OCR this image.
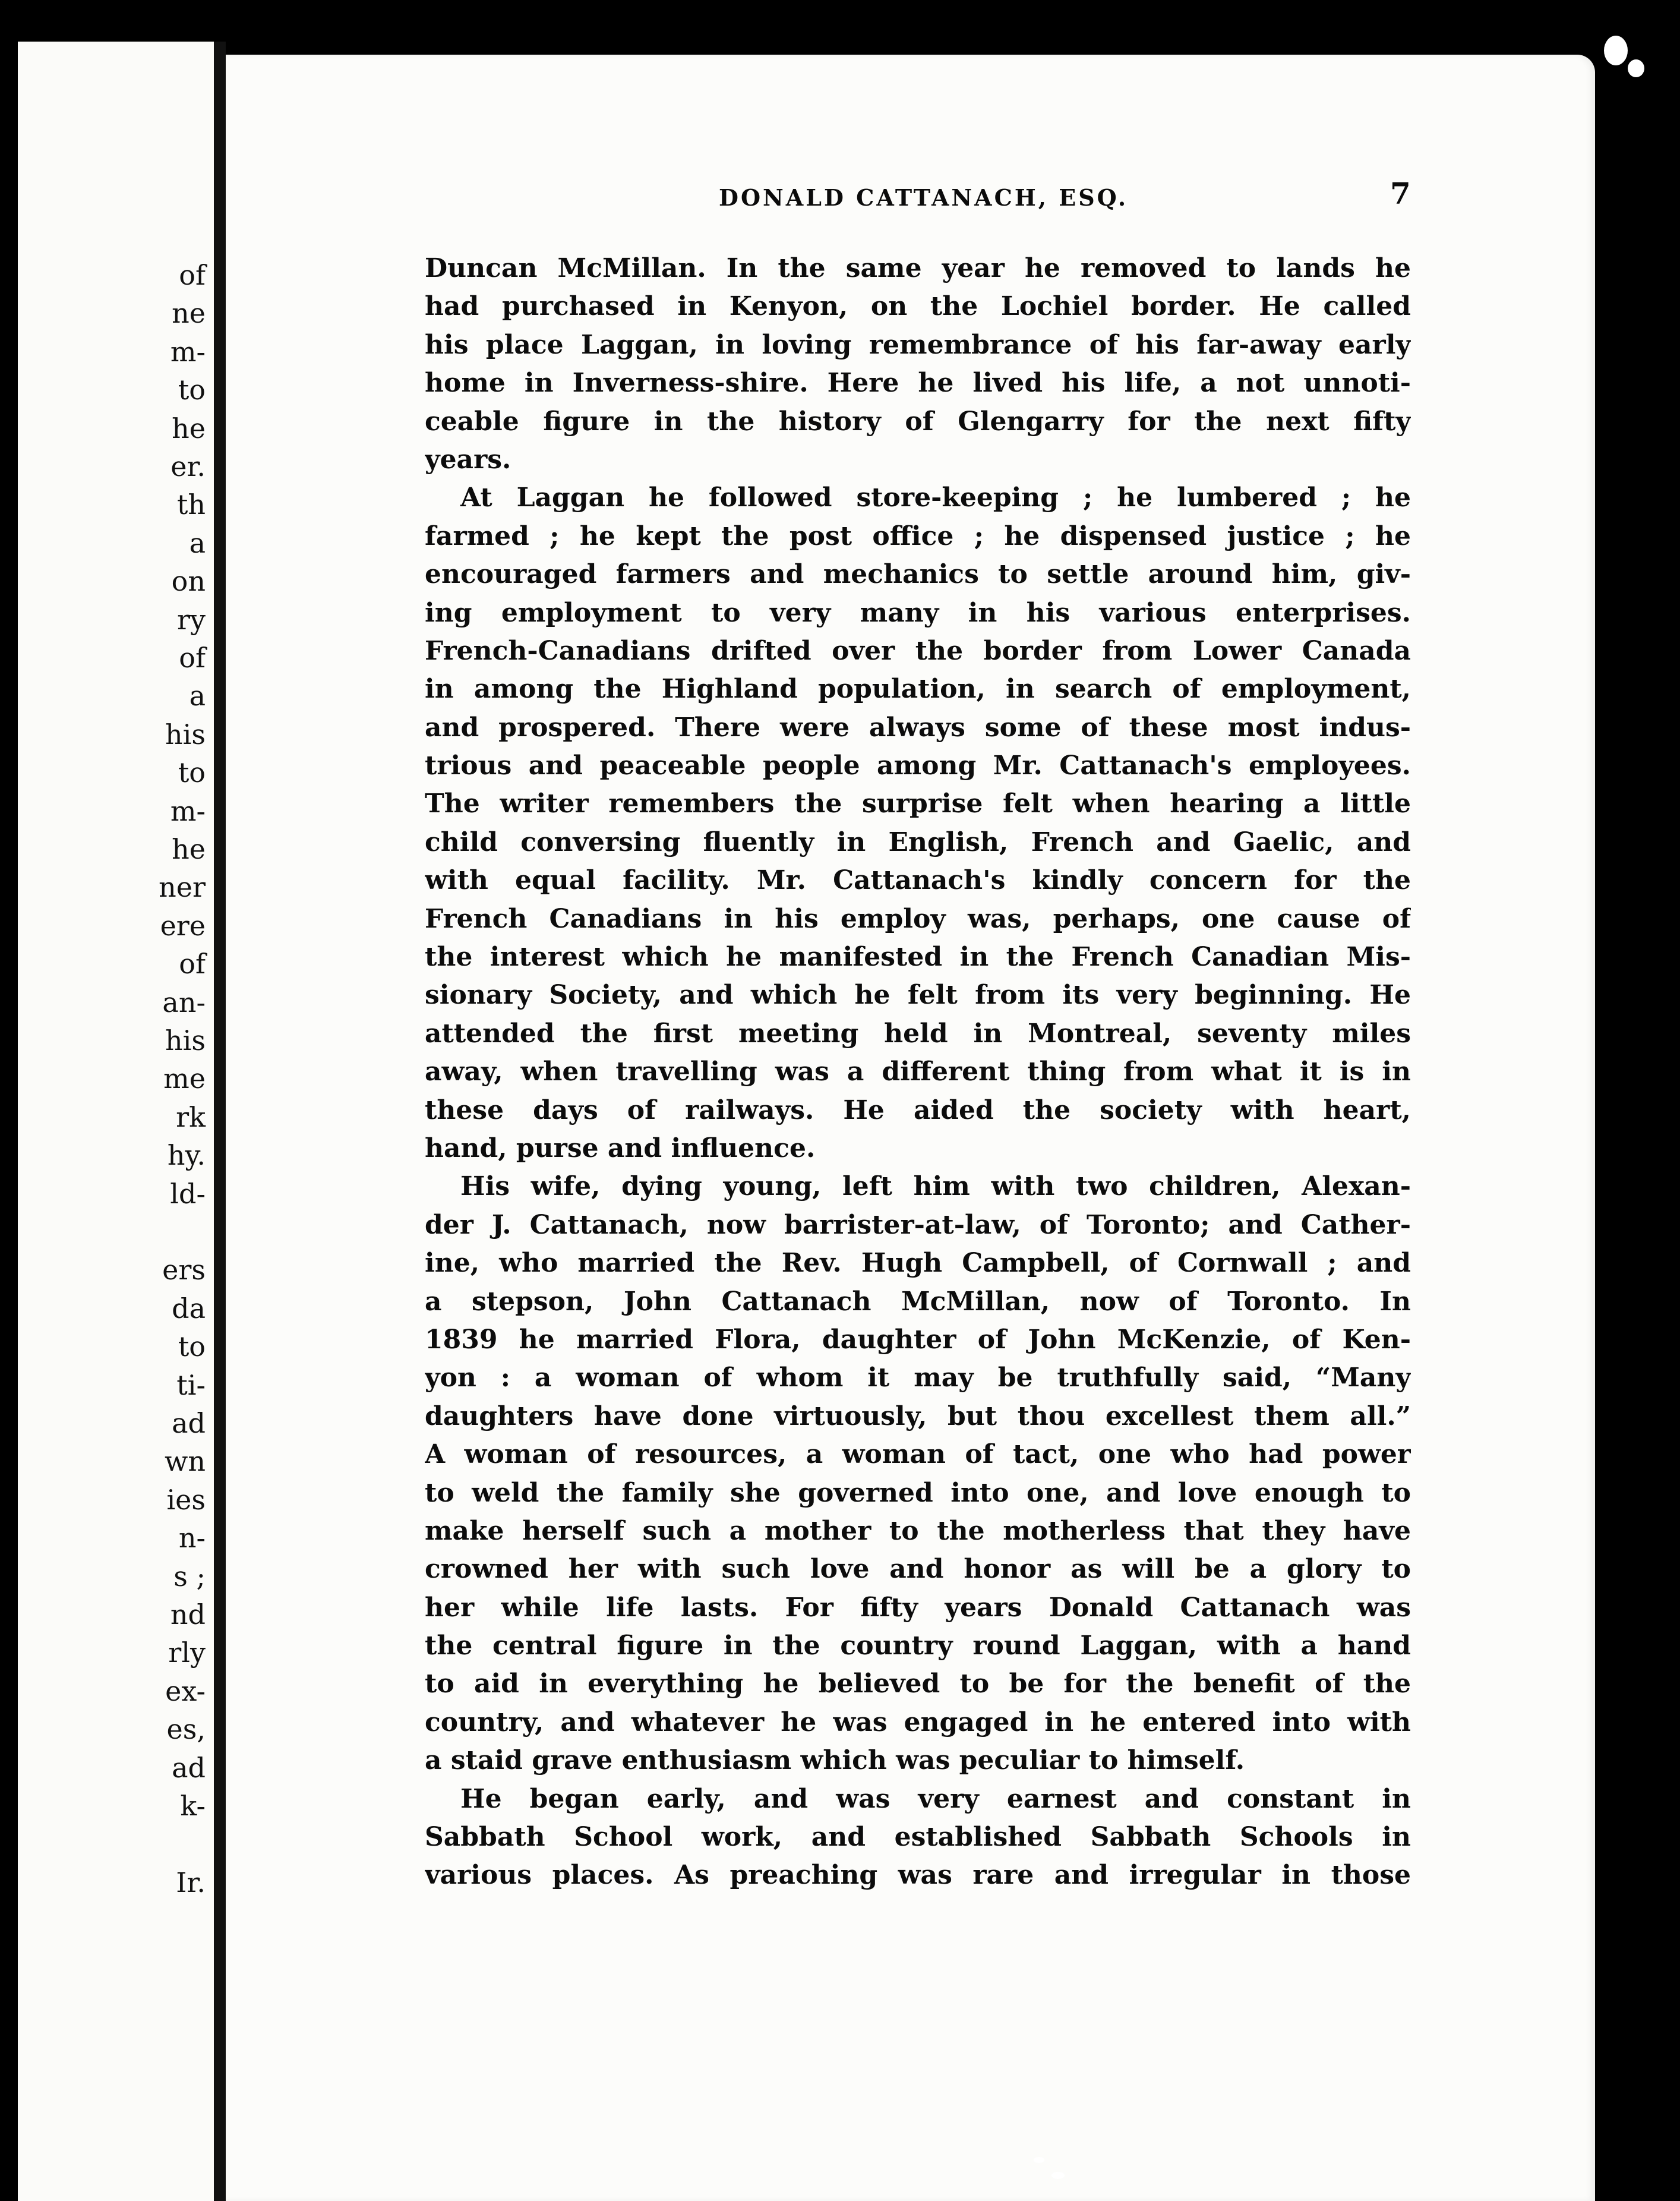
of
ne
m-
to
he
er.
th
a
on
ry
of
a
his
to
m-
he
ner
ere
of
an-
his
me
rk
hy.
ld-
ers
da
to
ti-
ad
wn
ies
n-
s ;
nd
rly
ex-
es,
ad
k-
Ir.
DONALD CATTANACH, ESQ.	7
Duncan McMillan. In the same year he removed to lands he
had purchased in Kenyon, on the Lochiel border. He called
his place Laggan, in loving remembrance of his far-away early
home in Inverness-shire. Here he lived his life, a not unnoti-
ceable figure in the history of Glengarry for the next fifty
years.
At Laggan he followed store-keeping ; he lumbered ; he
farmed ; he kept the post office ; he dispensed justice ; he
encouraged farmers and mechanics to settle around him, giv-
ing employment to very many in his various enterprises.
French-Canadians drifted over the border from Lower Canada
in among the Highland population, in search of employment,
and prospered. There were always some of these most indus-
trious and peaceable people among Mr. Cattanach's employees.
The writer remembers the surprise felt when hearing a little
child conversing fluently in English, French and Gaelic, and
with equal facility. Mr. Cattanach's kindly concern for the
French Canadians in his employ was, perhaps, one cause of
the interest which he manifested in the French Canadian Mis-
sionary Society, and which he felt from its very beginning. He
attended the first meeting held in Montreal, seventy miles
away, when travelling was a different thing from what it is in
these days of railways. He aided the society with heart,
hand, purse and influence.
His wife, dying young, left him with two children, Alexan-
der J. Cattanach, now barrister-at-law, of Toronto; and Cather-
ine, who married the Rev. Hugh Campbell, of Cornwall ; and
a stepson, John Cattanach McMillan, now of Toronto. In
1839 he married Flora, daughter of John McKenzie, of Ken-
yon : a woman of whom it may be truthfully said, “Many
daughters have done virtuously, but thou excellest them all.”
A woman of resources, a woman of tact, one who had power
to weld the family she governed into one, and love enough to
make herself such a mother to the motherless that they have
crowned her with such love and honor as will be a glory to
her while life lasts. For fifty years Donald Cattanach was
the central figure in the country round Laggan, with a hand
to aid in everything he believed to be for the benefit of the
country, and whatever he was engaged in he entered into with
a staid grave enthusiasm which was peculiar to himself.
He began early, and was very earnest and constant in
Sabbath School work, and established Sabbath Schools in
various places. As preaching was rare and irregular in those
